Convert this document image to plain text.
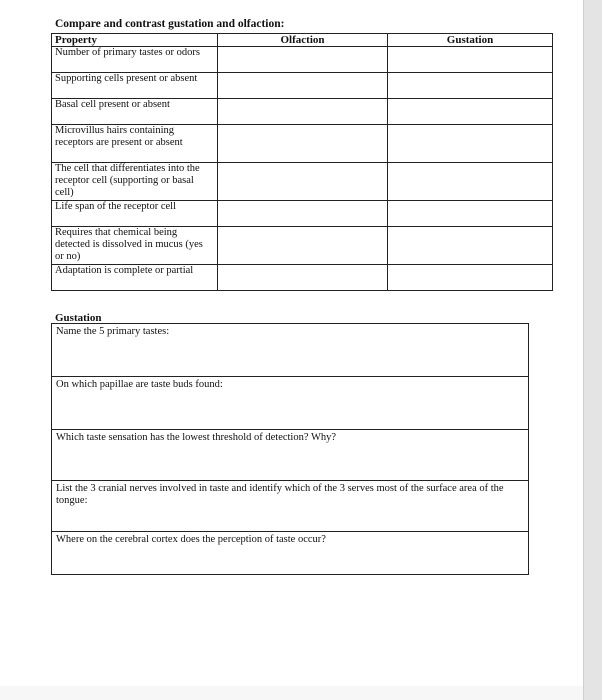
Compare and contrast gustation and olfaction:

Property	Olfaction	Gustation
Number of primary tastes or odors		
Supporting cells present or absent		
Basal cell present or absent		
Microvillus hairs containing receptors are present or absent		
The cell that differentiates into the receptor cell (supporting or basal cell)		
Life span of the receptor cell		
Requires that chemical being detected is dissolved in mucus (yes or no)		
Adaptation is complete or partial		

Gustation

Name the 5 primary tastes:
On which papillae are taste buds found:
Which taste sensation has the lowest threshold of detection? Why?
List the 3 cranial nerves involved in taste and identify which of the 3 serves most of the surface area of the tongue:
Where on the cerebral cortex does the perception of taste occur?
